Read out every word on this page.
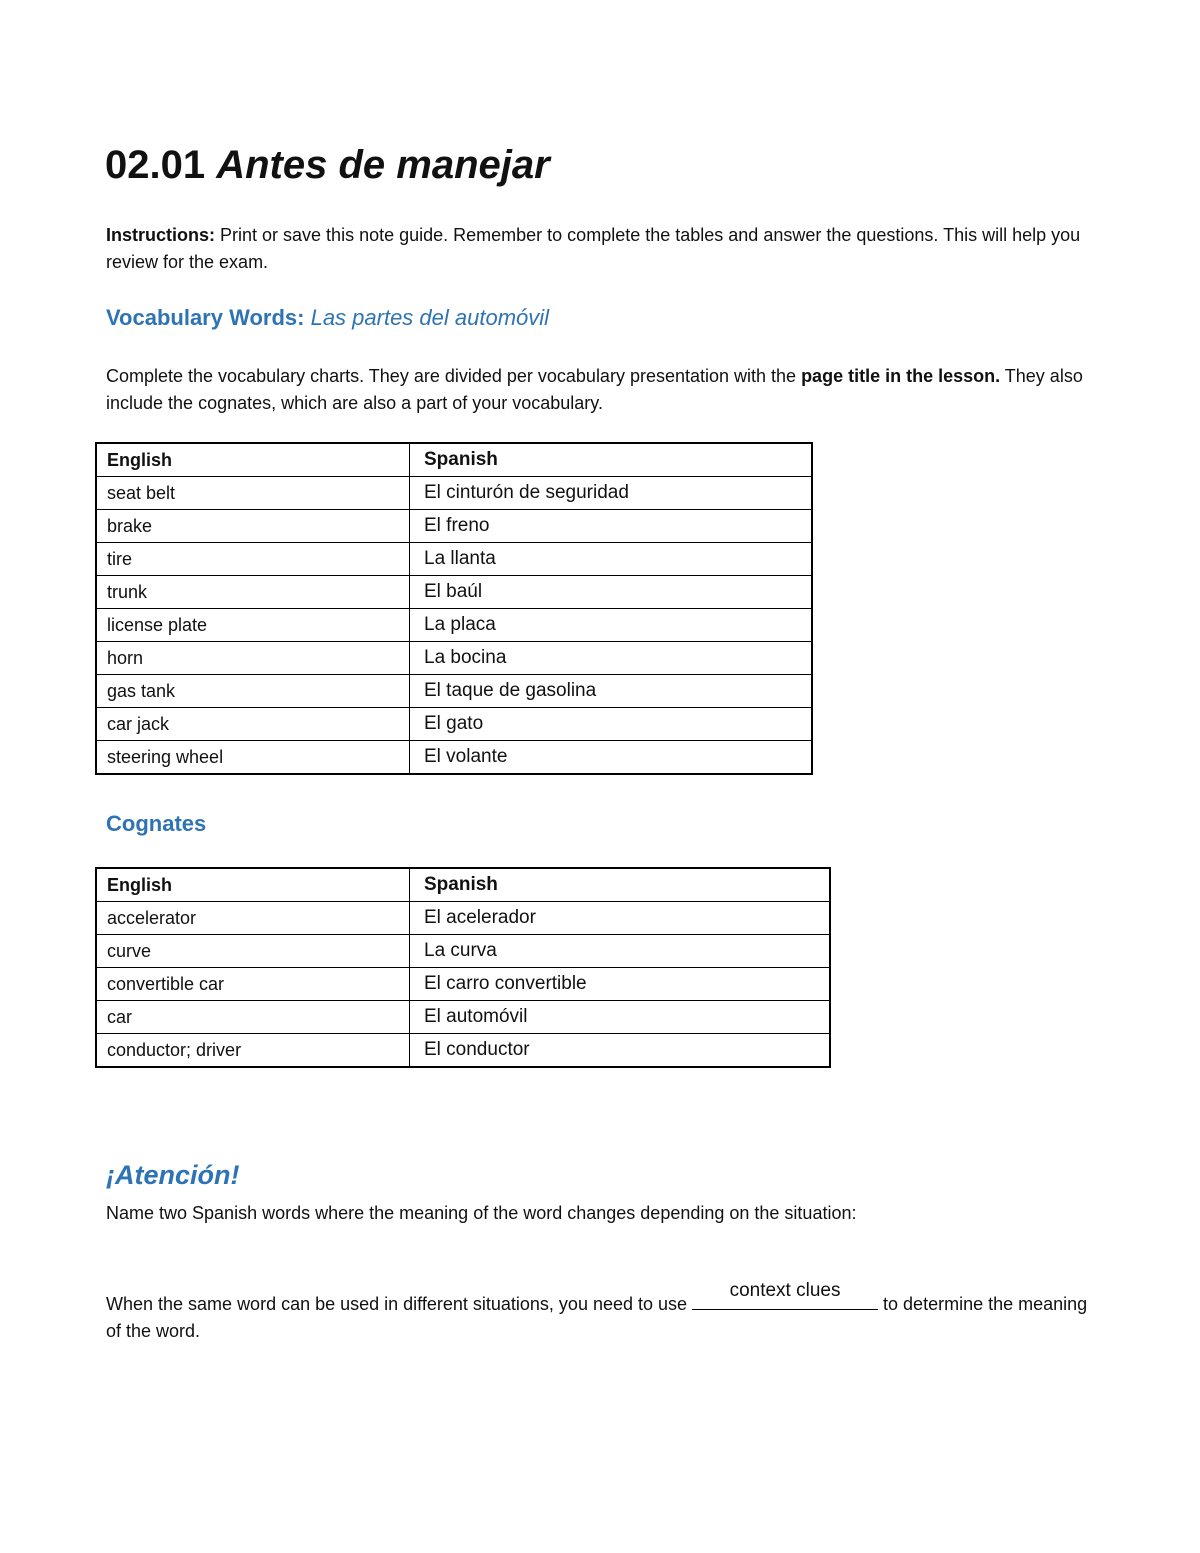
02.01 Antes de manejar

Instructions: Print or save this note guide. Remember to complete the tables and answer the questions. This will help you review for the exam.

Vocabulary Words: Las partes del automóvil

Complete the vocabulary charts. They are divided per vocabulary presentation with the page title in the lesson. They also include the cognates, which are also a part of your vocabulary.

English	Spanish
seat belt	El cinturón de seguridad
brake	El freno
tire	La llanta
trunk	El baúl
license plate	La placa
horn	La bocina
gas tank	El taque de gasolina
car jack	El gato
steering wheel	El volante
Cognates
English	Spanish
accelerator	El acelerador
curve	La curva
convertible car	El carro convertible
car	El automóvil
conductor; driver	El conductor
¡Atención!

Name two Spanish words where the meaning of the word changes depending on the situation:

When the same word can be used in different situations, you need to use
context clues
to determine the meaning of the word.
